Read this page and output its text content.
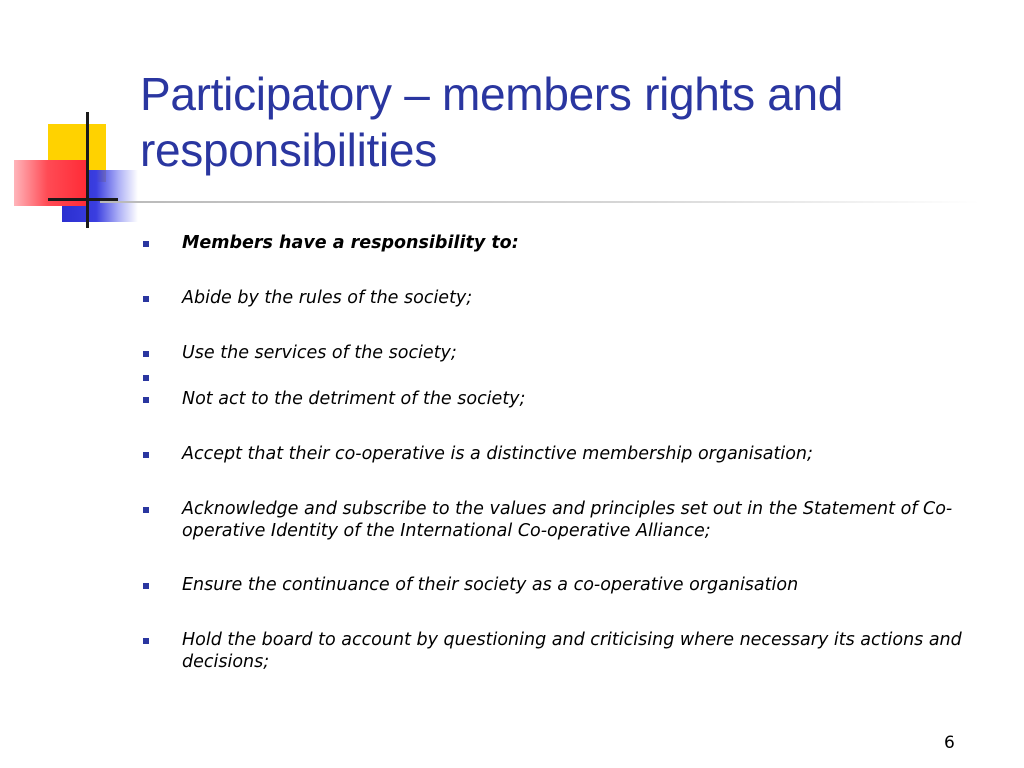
Participatory – members rights and responsibilities
Members have a responsibility to:
Abide by the rules of the society;
Use the services of the society;
Not act to the detriment of the society;
Accept that their co-operative is a distinctive membership organisation;
Acknowledge and subscribe to the values and principles set out in the Statement of Co-operative Identity of the International Co-operative Alliance;
Ensure the continuance of their society as a co-operative organisation
Hold the board to account by questioning and criticising where necessary its actions and decisions;
6
